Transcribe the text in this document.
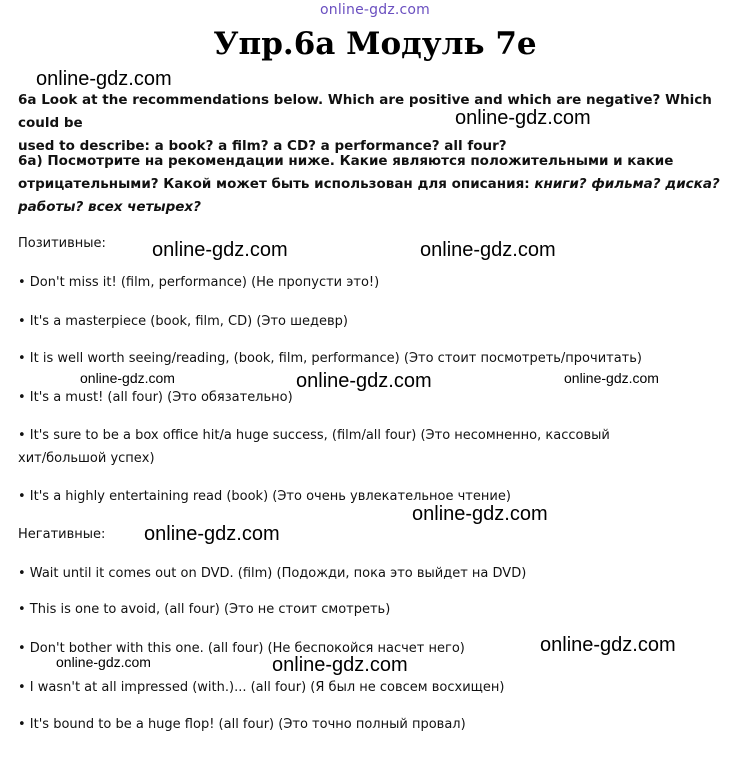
online-gdz.com
Упр.6а Модуль 7е
online-gdz.com
6a Look at the recommendations below. Which are positive and which are negative? Which could be
used to describe: a book? a film? a CD? a performance? all four?
online-gdz.com
6а) Посмотрите на рекомендации ниже. Какие являются положительными и какие
отрицательными? Какой может быть использован для описания: книги? фильма? диска?
работы? всех четырех?
Позитивные: online-gdz.com	online-gdz.com
• Don't miss it! (film, performance) (Не пропусти это!)
• It's a masterpiece (book, film, CD) (Это шедевр)
• It is well worth seeing/reading, (book, film, performance) (Это стоит посмотреть/прочитать)
online-gdz.com	online-gdz.com	online-gdz.com
• It's a must! (all four) (Это обязательно)
• It's sure to be a box office hit/a huge success, (film/all four) (Это несомненно, кассовый
хит/большой успех)
• It's a highly entertaining read (book) (Это очень увлекательное чтение)
online-gdz.com
Негативные: online-gdz.com
• Wait until it comes out on DVD. (film) (Подожди, пока это выйдет на DVD)
• This is one to avoid, (all four) (Это не стоит смотреть)
• Don't bother with this one. (all four) (Не беспокойся насчет него)	online-gdz.com
online-gdz.com	online-gdz.com
• I wasn't at all impressed (with.)... (all four) (Я был не совсем восхищен)
• It's bound to be a huge flop! (all four) (Это точно полный провал)
